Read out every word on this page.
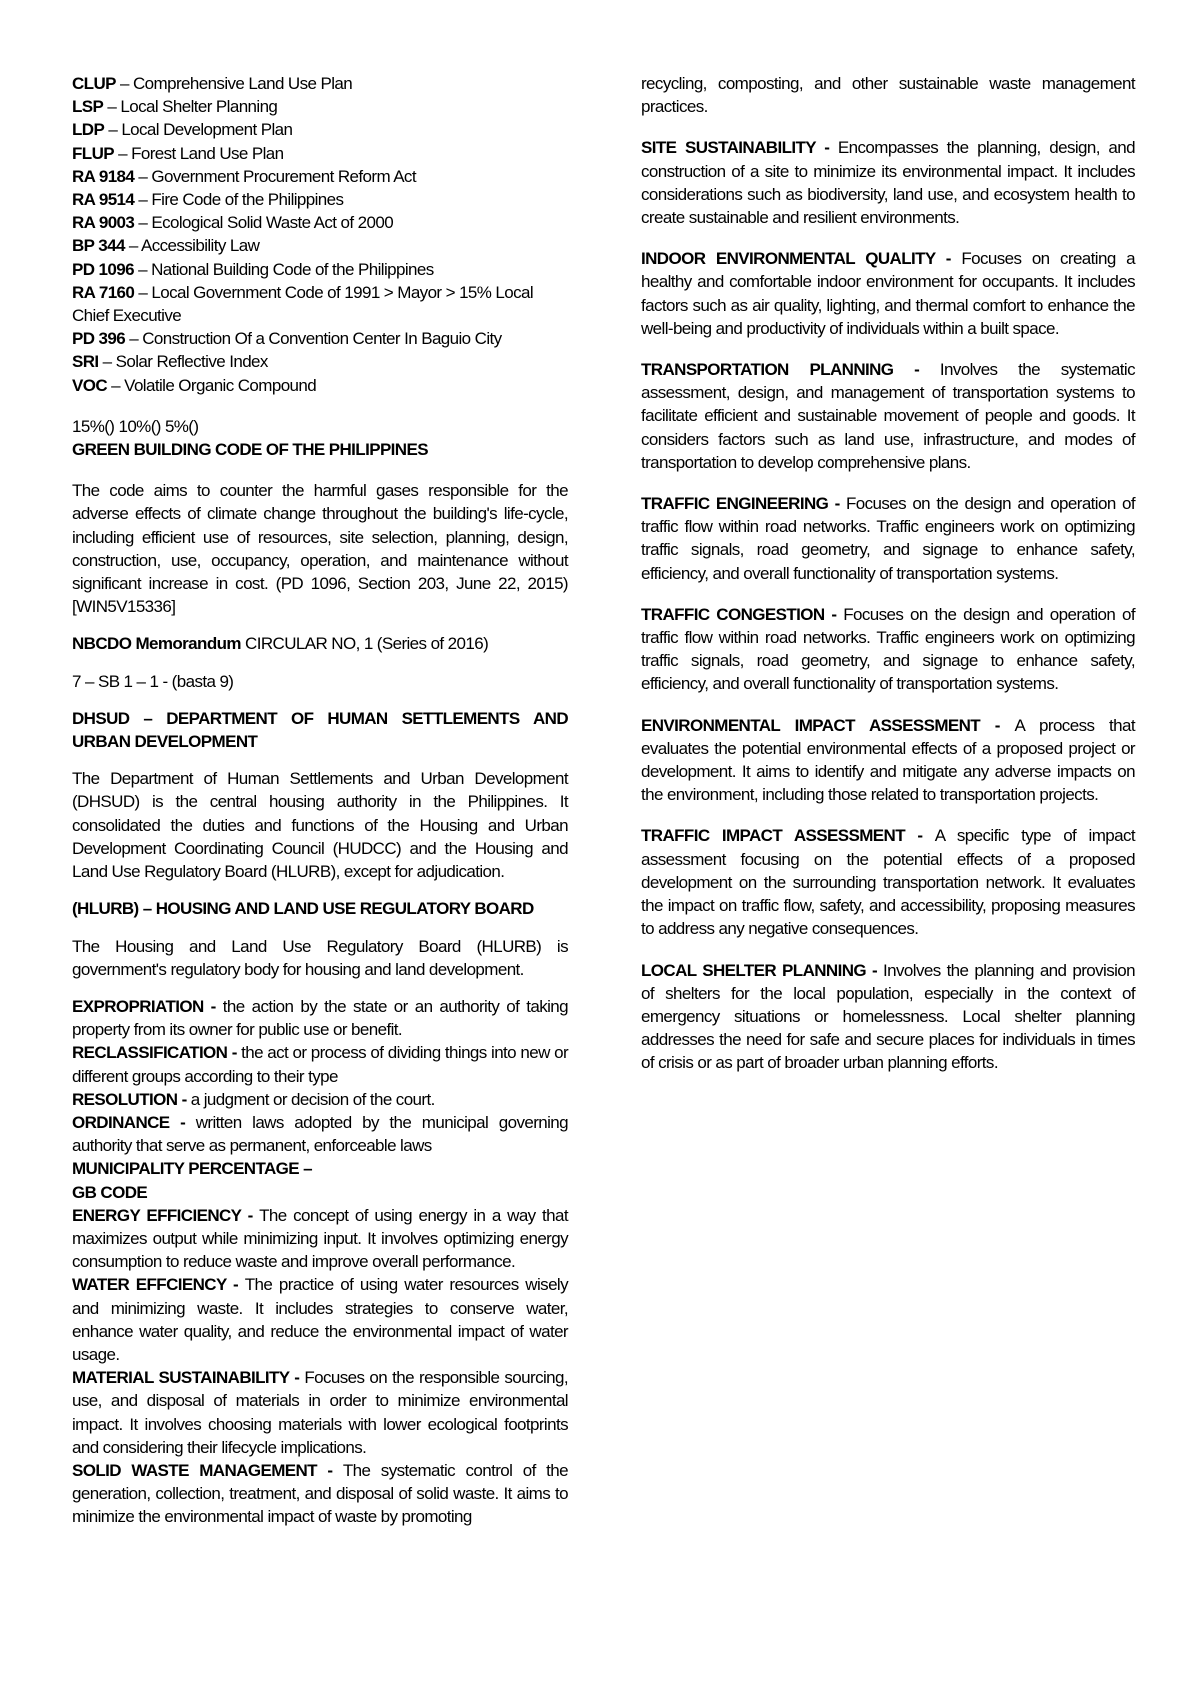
CLUP – Comprehensive Land Use Plan

LSP – Local Shelter Planning

LDP – Local Development Plan

FLUP – Forest Land Use Plan

RA 9184 – Government Procurement Reform Act

RA 9514 – Fire Code of the Philippines

RA 9003 – Ecological Solid Waste Act of 2000

BP 344 – Accessibility Law

PD 1096 – National Building Code of the Philippines

RA 7160 – Local Government Code of 1991 > Mayor > 15% Local Chief Executive

PD 396 – Construction Of a Convention Center In Baguio City

SRI – Solar Reflective Index

VOC – Volatile Organic Compound

15%() 10%() 5%()

GREEN BUILDING CODE OF THE PHILIPPINES

The code aims to counter the harmful gases responsible for the adverse effects of climate change throughout the building's life-cycle, including efficient use of resources, site selection, planning, design, construction, use, occupancy, operation, and maintenance without significant increase in cost. (PD 1096, Section 203, June 22, 2015) [WIN5V15336]

NBCDO Memorandum CIRCULAR NO, 1 (Series of 2016)

7 – SB 1 – 1 - (basta 9)

DHSUD – DEPARTMENT OF HUMAN SETTLEMENTS AND URBAN DEVELOPMENT

The Department of Human Settlements and Urban Development (DHSUD) is the central housing authority in the Philippines. It consolidated the duties and functions of the Housing and Urban Development Coordinating Council (HUDCC) and the Housing and Land Use Regulatory Board (HLURB), except for adjudication.

(HLURB) – HOUSING AND LAND USE REGULATORY BOARD

The Housing and Land Use Regulatory Board (HLURB) is government's regulatory body for housing and land development.

EXPROPRIATION - the action by the state or an authority of taking property from its owner for public use or benefit.

RECLASSIFICATION - the act or process of dividing things into new or different groups according to their type

RESOLUTION - a judgment or decision of the court.

ORDINANCE - written laws adopted by the municipal governing authority that serve as permanent, enforceable laws

MUNICIPALITY PERCENTAGE –

GB CODE

ENERGY EFFICIENCY - The concept of using energy in a way that maximizes output while minimizing input. It involves optimizing energy consumption to reduce waste and improve overall performance.

WATER EFFCIENCY - The practice of using water resources wisely and minimizing waste. It includes strategies to conserve water, enhance water quality, and reduce the environmental impact of water usage.

MATERIAL SUSTAINABILITY - Focuses on the responsible sourcing, use, and disposal of materials in order to minimize environmental impact. It involves choosing materials with lower ecological footprints and considering their lifecycle implications.

SOLID WASTE MANAGEMENT - The systematic control of the generation, collection, treatment, and disposal of solid waste. It aims to minimize the environmental impact of waste by promoting

recycling, composting, and other sustainable waste management practices.

SITE SUSTAINABILITY - Encompasses the planning, design, and construction of a site to minimize its environmental impact. It includes considerations such as biodiversity, land use, and ecosystem health to create sustainable and resilient environments.

INDOOR ENVIRONMENTAL QUALITY - Focuses on creating a healthy and comfortable indoor environment for occupants. It includes factors such as air quality, lighting, and thermal comfort to enhance the well-being and productivity of individuals within a built space.

TRANSPORTATION PLANNING - Involves the systematic assessment, design, and management of transportation systems to facilitate efficient and sustainable movement of people and goods. It considers factors such as land use, infrastructure, and modes of transportation to develop comprehensive plans.

TRAFFIC ENGINEERING - Focuses on the design and operation of traffic flow within road networks. Traffic engineers work on optimizing traffic signals, road geometry, and signage to enhance safety, efficiency, and overall functionality of transportation systems.

TRAFFIC CONGESTION - Focuses on the design and operation of traffic flow within road networks. Traffic engineers work on optimizing traffic signals, road geometry, and signage to enhance safety, efficiency, and overall functionality of transportation systems.

ENVIRONMENTAL IMPACT ASSESSMENT - A process that evaluates the potential environmental effects of a proposed project or development. It aims to identify and mitigate any adverse impacts on the environment, including those related to transportation projects.

TRAFFIC IMPACT ASSESSMENT - A specific type of impact assessment focusing on the potential effects of a proposed development on the surrounding transportation network. It evaluates the impact on traffic flow, safety, and accessibility, proposing measures to address any negative consequences.

LOCAL SHELTER PLANNING - Involves the planning and provision of shelters for the local population, especially in the context of emergency situations or homelessness. Local shelter planning addresses the need for safe and secure places for individuals in times of crisis or as part of broader urban planning efforts.
